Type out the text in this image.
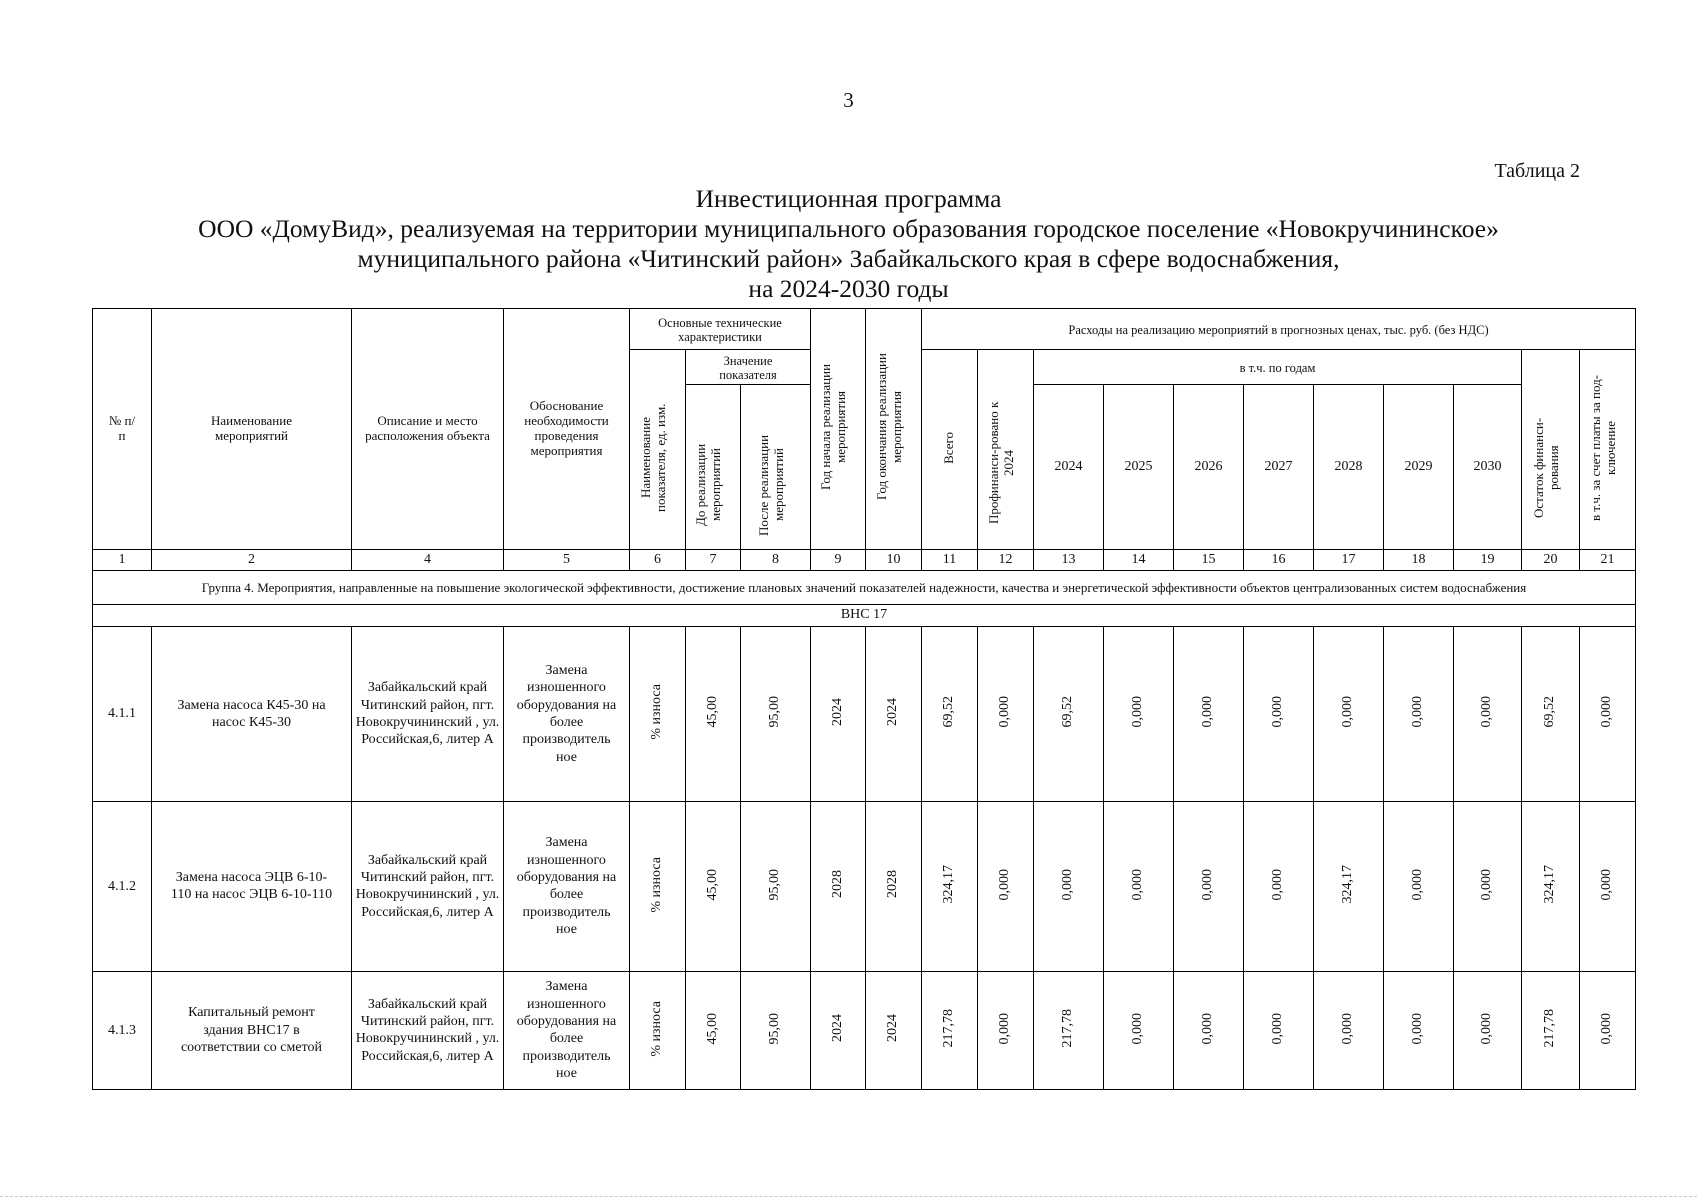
3
Таблица 2
Инвестиционная программа
ООО «ДомуВид», реализуемая на территории муниципального образования городское поселение «Новокручининское»
муниципального района «Читинский район» Забайкальского края в сфере водоснабжения,
на 2024-2030 годы
№ п/п	Наименование мероприятий	Описание и место расположения объекта	Обоснование необходимости проведения мероприятия	Основные технические характеристики			Год начала реализации мероприятия	Год окончания реализации мероприятия	Расходы на реализацию мероприятий в прогнозных ценах, тыс. руб. (без НДС)										
				Наименование показателя, ед. изм.	Значение показателя				Всего	Профинанси-ровано к 2024	в т.ч. по годам							Остаток финанси-рования	в т.ч. за счет платы за под-ключение
					До реализации мероприятий	После реализации мероприятий					2024	2025	2026	2027	2028	2029	2030		

1	2	4	5	6	7	8	9	10	11	12	13	14	15	16	17	18	19	20	21
Группа 4. Мероприятия, направленные на повышение экологической эффективности, достижение плановых значений показателей надежности, качества и энергетической эффективности объектов централизованных систем водоснабжения																			
ВНС 17																			

4.1.1	Замена насоса К45-30 на насос К45-30	Забайкальский край Читинский район, пгт. Новокручининский , ул. Российская,6, литер А	Замена изношенного оборудования на более производитель ное	% износа	45,00	95,00	2024	2024	69,52	0,000	69,52	0,000	0,000	0,000	0,000	0,000	0,000	69,52	0,000

4.1.2	Замена насоса ЭЦВ 6-10-110 на насос ЭЦВ 6-10-110	Забайкальский край Читинский район, пгт. Новокручининский , ул. Российская,6, литер А	Замена изношенного оборудования на более производитель ное	% износа	45,00	95,00	2028	2028	324,17	0,000	0,000	0,000	0,000	0,000	324,17	0,000	0,000	324,17	0,000

4.1.3	Капитальный ремонт здания ВНС17 в соответствии со сметой	Забайкальский край Читинский район, пгт. Новокручининский , ул. Российская,6, литер А	Замена изношенного оборудования на более производитель ное	% износа	45,00	95,00	2024	2024	217,78	0,000	217,78	0,000	0,000	0,000	0,000	0,000	0,000	217,78	0,000
